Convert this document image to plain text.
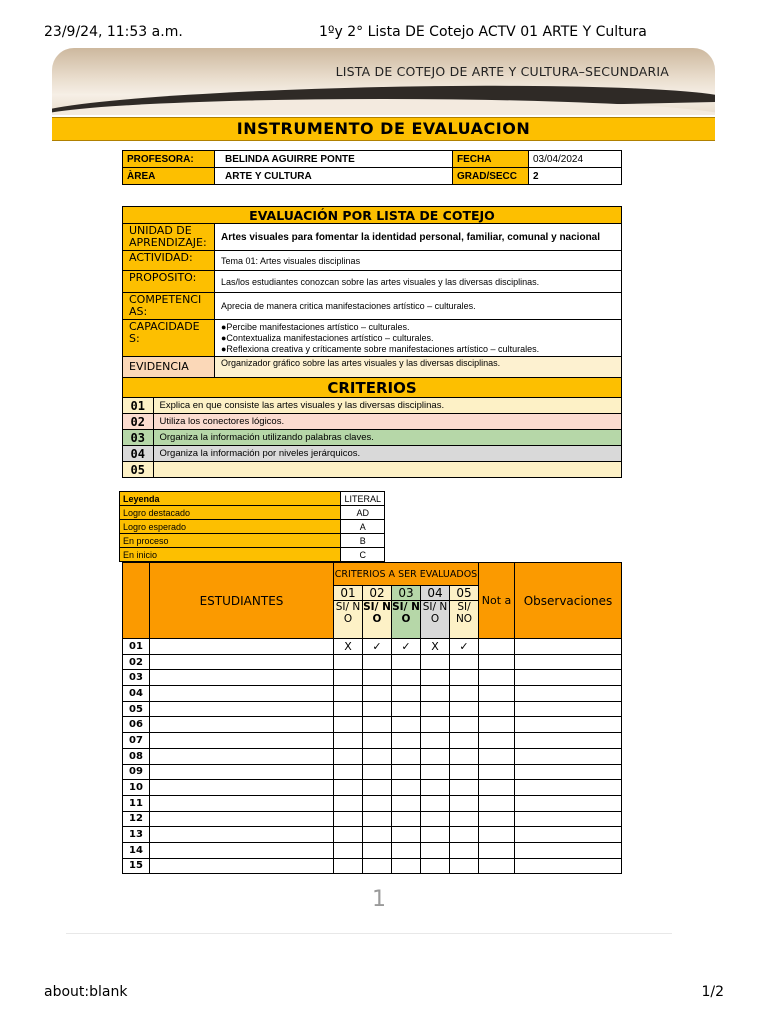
23/9/24, 11:53 a.m.	1ºy 2° Lista DE Cotejo ACTV 01 ARTE Y Cultura
LISTA DE COTEJO DE ARTE Y CULTURA–SECUNDARIA
INSTRUMENTO DE EVALUACION
PROFESORA:	BELINDA AGUIRRE PONTE	FECHA	03/04/2024
ÀREA	ARTE Y CULTURA	GRAD/SECC	2
EVALUACIÓN POR LISTA DE COTEJO
UNIDAD DE APRENDIZAJE:	Artes visuales para fomentar la identidad personal, familiar, comunal y nacional
ACTIVIDAD:	Tema 01: Artes visuales disciplinas
PROPOSITO:	Las/los estudiantes conozcan sobre las artes visuales y las diversas disciplinas.
COMPETENCI AS:	Aprecia de manera critica manifestaciones artístico – culturales.
CAPACIDADE S:	
●Percibe manifestaciones artístico – culturales.
●Contextualiza manifestaciones artístico – culturales.
●Reflexiona creativa y críticamente sobre manifestaciones artístico – culturales.

EVIDENCIA	Organizador gráfico sobre las artes visuales y las diversas disciplinas.
CRITERIOS

01	Explica en que consiste las artes visuales y las diversas disciplinas.

02	Utiliza los conectores lógicos.

03	Organiza la información utilizando palabras claves.

04	Organiza la información por niveles jerárquicos.

05	
Leyenda	LITERAL
Logro destacado	AD
Logro esperado	A
En proceso	B
En inicio	C
	ESTUDIANTES	CRITERIOS A SER EVALUADOS					Not a	Observaciones
		01	02	03	04	05		
		SI/ N O	SI/ N O	SI/ N O	SI/ N O	SI/ NO		
01		X	✓	✓	X	✓		
02								
03								
04								
05								
06								
07								
08								
09								
10								
11								
12								
13								
14								
15								
1
about:blank	1/2
